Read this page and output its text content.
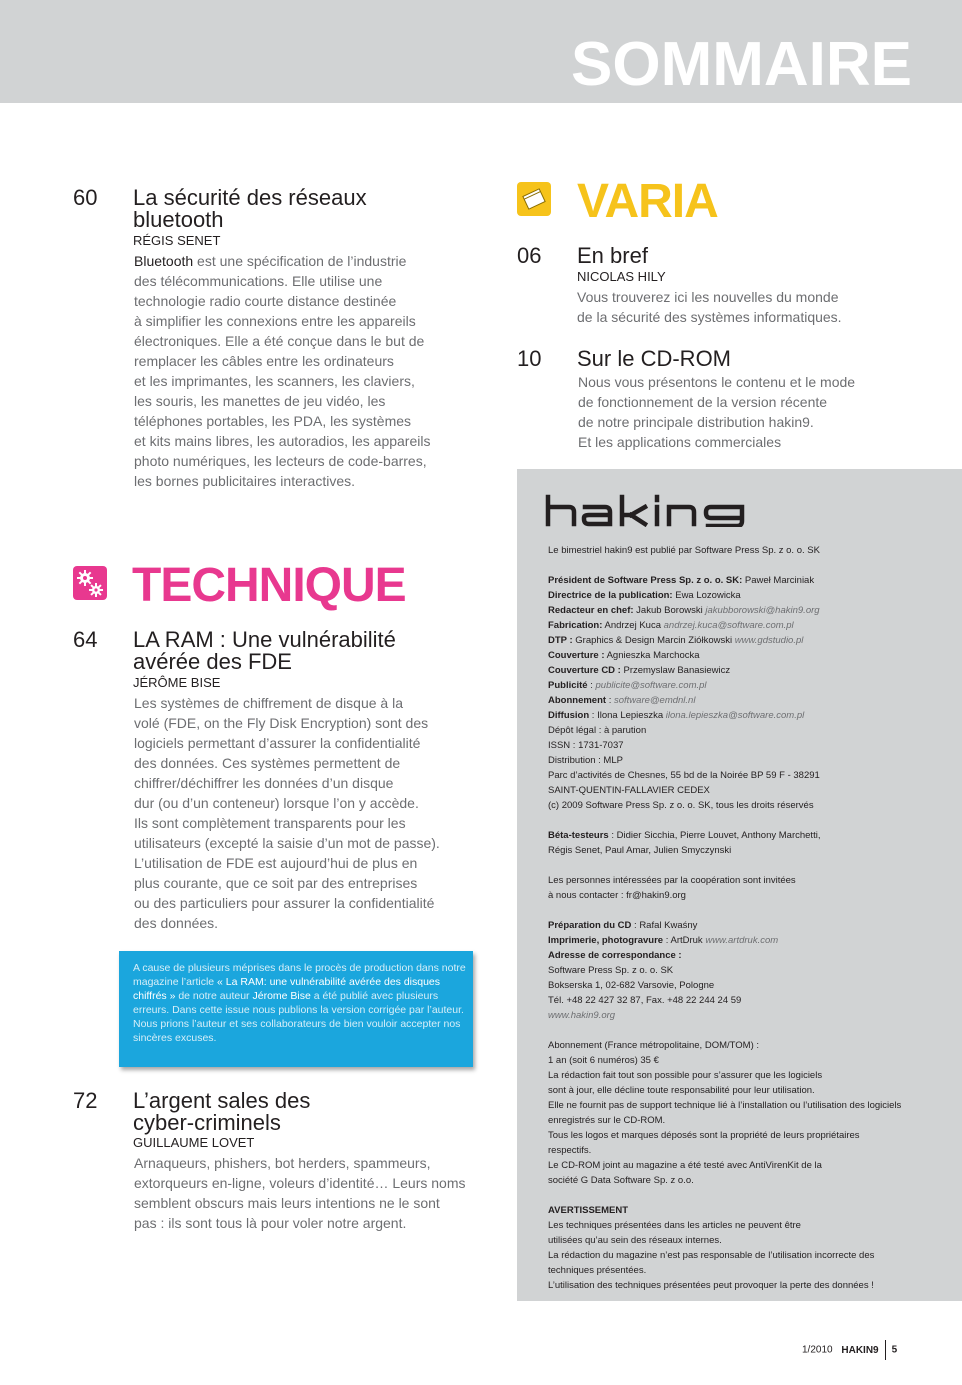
SOMMAIRE
60 La sécurité des réseaux
bluetooth
RÉGIS SENET
Bluetooth est une spécification de l’industrie
des télécommunications. Elle utilise une
technologie radio courte distance destinée
à simplifier les connexions entre les appareils
électroniques. Elle a été conçue dans le but de
remplacer les câbles entre les ordinateurs
et les imprimantes, les scanners, les claviers,
les souris, les manettes de jeu vidéo, les
téléphones portables, les PDA, les systèmes
et kits mains libres, les autoradios, les appareils
photo numériques, les lecteurs de code-barres,
les bornes publicitaires interactives.
TECHNIQUE
64 LA RAM : Une vulnérabilité
avérée des FDE
JÉRÔME BISE
Les systèmes de chiffrement de disque à la
volé (FDE, on the Fly Disk Encryption) sont des
logiciels permettant d’assurer la confidentialité
des données. Ces systèmes permettent de
chiffrer/déchiffrer les données d’un disque
dur (ou d’un conteneur) lorsque l’on y accède.
Ils sont complètement transparents pour les
utilisateurs (excepté la saisie d’un mot de passe).
L’utilisation de FDE est aujourd’hui de plus en
plus courante, que ce soit par des entreprises
ou des particuliers pour assurer la confidentialité
des données.
A cause de plusieurs méprises dans le procès de production dans notre magazine l’article « La RAM: une vulnérabilité avérée des disques chiffrés » de notre auteur Jérome Bise a été publié avec plusieurs erreurs. Dans cette issue nous publions la version corrigée par l’auteur. Nous prions l’auteur et ses collaborateurs de bien vouloir accepter nos sincères excuses.
72 L’argent sales des
cyber-criminels
GUILLAUME LOVET
Arnaqueurs, phishers, bot herders, spammeurs,
extorqueurs en-ligne, voleurs d’identité… Leurs noms
semblent obscurs mais leurs intentions ne le sont
pas : ils sont tous là pour voler notre argent.
VARIA
06 En bref
NICOLAS HILY
Vous trouverez ici les nouvelles du monde
de la sécurité des systèmes informatiques.
10 Sur le CD-ROM
Nous vous présentons le contenu et le mode
de fonctionnement de la version récente
de notre principale distribution hakin9.
Et les applications commerciales
Le bimestriel hakin9 est publié par Software Press Sp. z o. o. SK
Président de Software Press Sp. z o. o. SK: Paweł Marciniak
Directrice de la publication: Ewa Lozowicka
Redacteur en chef: Jakub Borowski jakubborowski@hakin9.org
Fabrication: Andrzej Kuca andrzej.kuca@software.com.pl
DTP : Graphics & Design Marcin Ziółkowski www.gdstudio.pl
Couverture : Agnieszka Marchocka
Couverture CD : Przemyslaw Banasiewicz
Publicité : publicite@software.com.pl
Abonnement : software@emdnl.nl
Diffusion : Ilona Lepieszka ilona.lepieszka@software.com.pl
Dépôt légal : à parution
ISSN : 1731-7037
Distribution : MLP
Parc d’activités de Chesnes, 55 bd de la Noirée BP 59 F - 38291
SAINT-QUENTIN-FALLAVIER CEDEX
(c) 2009 Software Press Sp. z o. o. SK, tous les droits réservés
Béta-testeurs : Didier Sicchia, Pierre Louvet, Anthony Marchetti,
Régis Senet, Paul Amar, Julien Smyczynski
Les personnes intéressées par la coopération sont invitées
à nous contacter : fr@hakin9.org
Préparation du CD : Rafal Kwaśny
Imprimerie, photogravure : ArtDruk www.artdruk.com
Adresse de correspondance :
Software Press Sp. z o. o. SK
Bokserska 1, 02-682 Varsovie, Pologne
Tél. +48 22 427 32 87, Fax. +48 22 244 24 59
www.hakin9.org
Abonnement (France métropolitaine, DOM/TOM) :
1 an (soit 6 numéros) 35 €
La rédaction fait tout son possible pour s’assurer que les logiciels
sont à jour, elle décline toute responsabilité pour leur utilisation.
Elle ne fournit pas de support technique lié à l’installation ou l’utilisation des logiciels
enregistrés sur le CD-ROM.
Tous les logos et marques déposés sont la propriété de leurs propriétaires
respectifs.
Le CD-ROM joint au magazine a été testé avec AntiVirenKit de la
société G Data Software Sp. z o.o.
AVERTISSEMENT
Les techniques présentées dans les articles ne peuvent être
utilisées qu’au sein des réseaux internes.
La rédaction du magazine n’est pas responsable de l’utilisation incorrecte des
techniques présentées.
L’utilisation des techniques présentées peut provoquer la perte des données !
1/2010 HAKIN9 5
